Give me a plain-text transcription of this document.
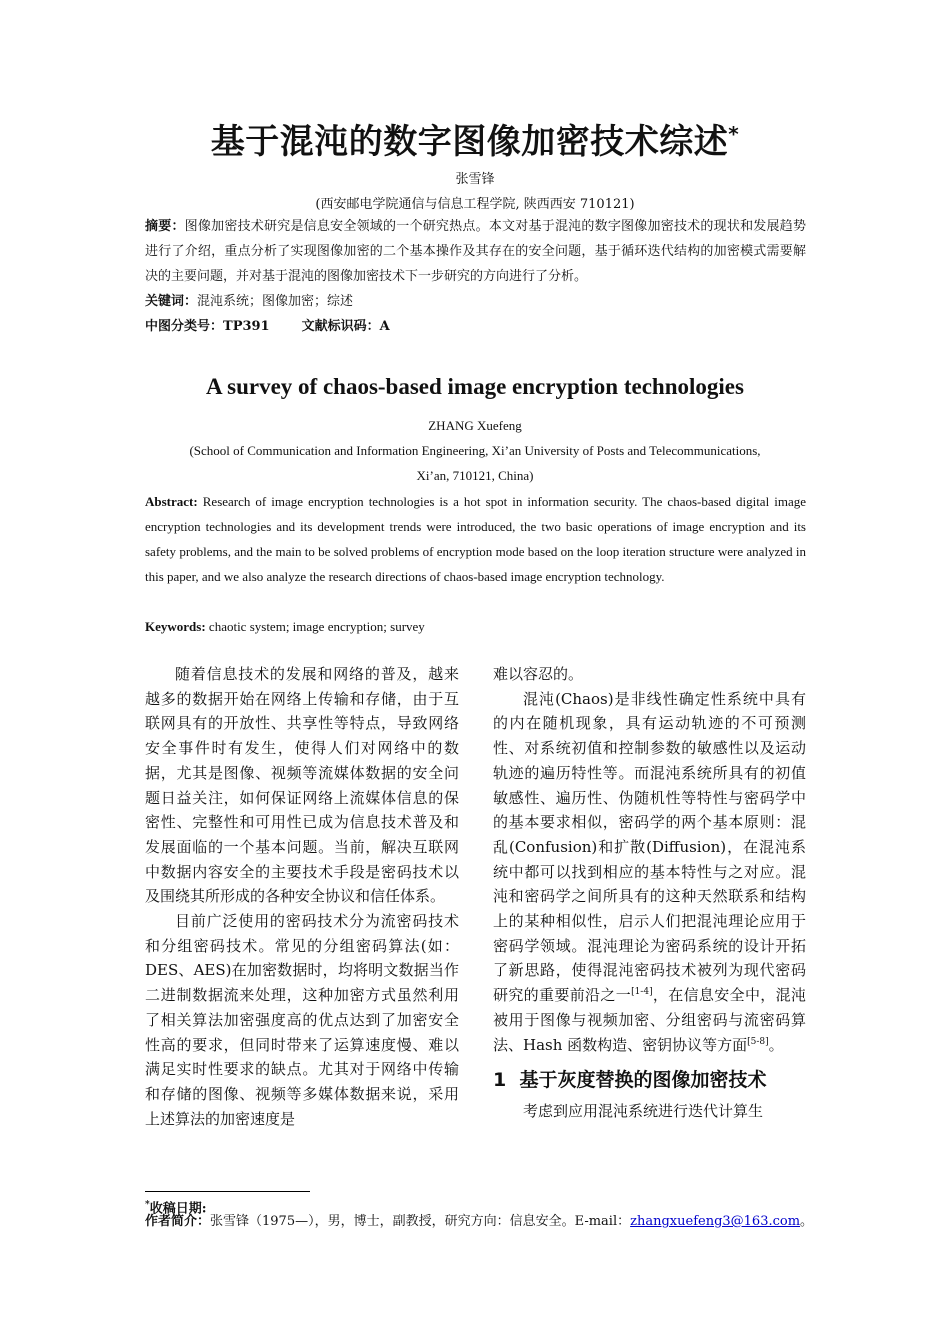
基于混沌的数字图像加密技术综述*
张雪锋
(西安邮电学院通信与信息工程学院, 陕西西安 710121)
摘要：图像加密技术研究是信息安全领域的一个研究热点。本文对基于混沌的数字图像加密技术的现状和发展趋势进行了介绍，重点分析了实现图像加密的二个基本操作及其存在的安全问题，基于循环迭代结构的加密模式需要解决的主要问题，并对基于混沌的图像加密技术下一步研究的方向进行了分析。
关键词：混沌系统；图像加密；综述
中图分类号：TP391 文献标识码：A
A survey of chaos-based image encryption technologies
ZHANG Xuefeng
(School of Communication and Information Engineering, Xi’an University of Posts and Telecommunications,
Xi’an, 710121, China)
Abstract: Research of image encryption technologies is a hot spot in information security. The chaos-based digital image encryption technologies and its development trends were introduced, the two basic operations of image encryption and its safety problems, and the main to be solved problems of encryption mode based on the loop iteration structure were analyzed in this paper, and we also analyze the research directions of chaos-based image encryption technology.
Keywords: chaotic system; image encryption; survey

随着信息技术的发展和网络的普及，越来越多的数据开始在网络上传输和存储，由于互联网具有的开放性、共享性等特点，导致网络安全事件时有发生，使得人们对网络中的数据，尤其是图像、视频等流媒体数据的安全问题日益关注，如何保证网络上流媒体信息的保密性、完整性和可用性已成为信息技术普及和发展面临的一个基本问题。当前，解决互联网中数据内容安全的主要技术手段是密码技术以及围绕其所形成的各种安全协议和信任体系。

目前广泛使用的密码技术分为流密码技术和分组密码技术。常见的分组密码算法(如：DES、AES)在加密数据时，均将明文数据当作二进制数据流来处理，这种加密方式虽然利用了相关算法加密强度高的优点达到了加密安全性高的要求，但同时带来了运算速度慢、难以满足实时性要求的缺点。尤其对于网络中传输和存储的图像、视频等多媒体数据来说，采用上述算法的加密速度是

难以容忍的。

混沌(Chaos)是非线性确定性系统中具有的内在随机现象，具有运动轨迹的不可预测性、对系统初值和控制参数的敏感性以及运动轨迹的遍历特性等。而混沌系统所具有的初值敏感性、遍历性、伪随机性等特性与密码学中的基本要求相似，密码学的两个基本原则：混乱(Confusion)和扩散(Diffusion)，在混沌系统中都可以找到相应的基本特性与之对应。混沌和密码学之间所具有的这种天然联系和结构上的某种相似性，启示人们把混沌理论应用于密码学领域。混沌理论为密码系统的设计开拓了新思路，使得混沌密码技术被列为现代密码研究的重要前沿之一[1-4]，在信息安全中，混沌被用于图像与视频加密、分组密码与流密码算法、Hash 函数构造、密钥协议等方面[5-8]。

1 基于灰度替换的图像加密技术

考虑到应用混沌系统进行迭代计算生

*收稿日期:
作者简介：张雪锋（1975—），男，博士，副教授，研究方向：信息安全。E-mail：zhangxuefeng3@163.com。
